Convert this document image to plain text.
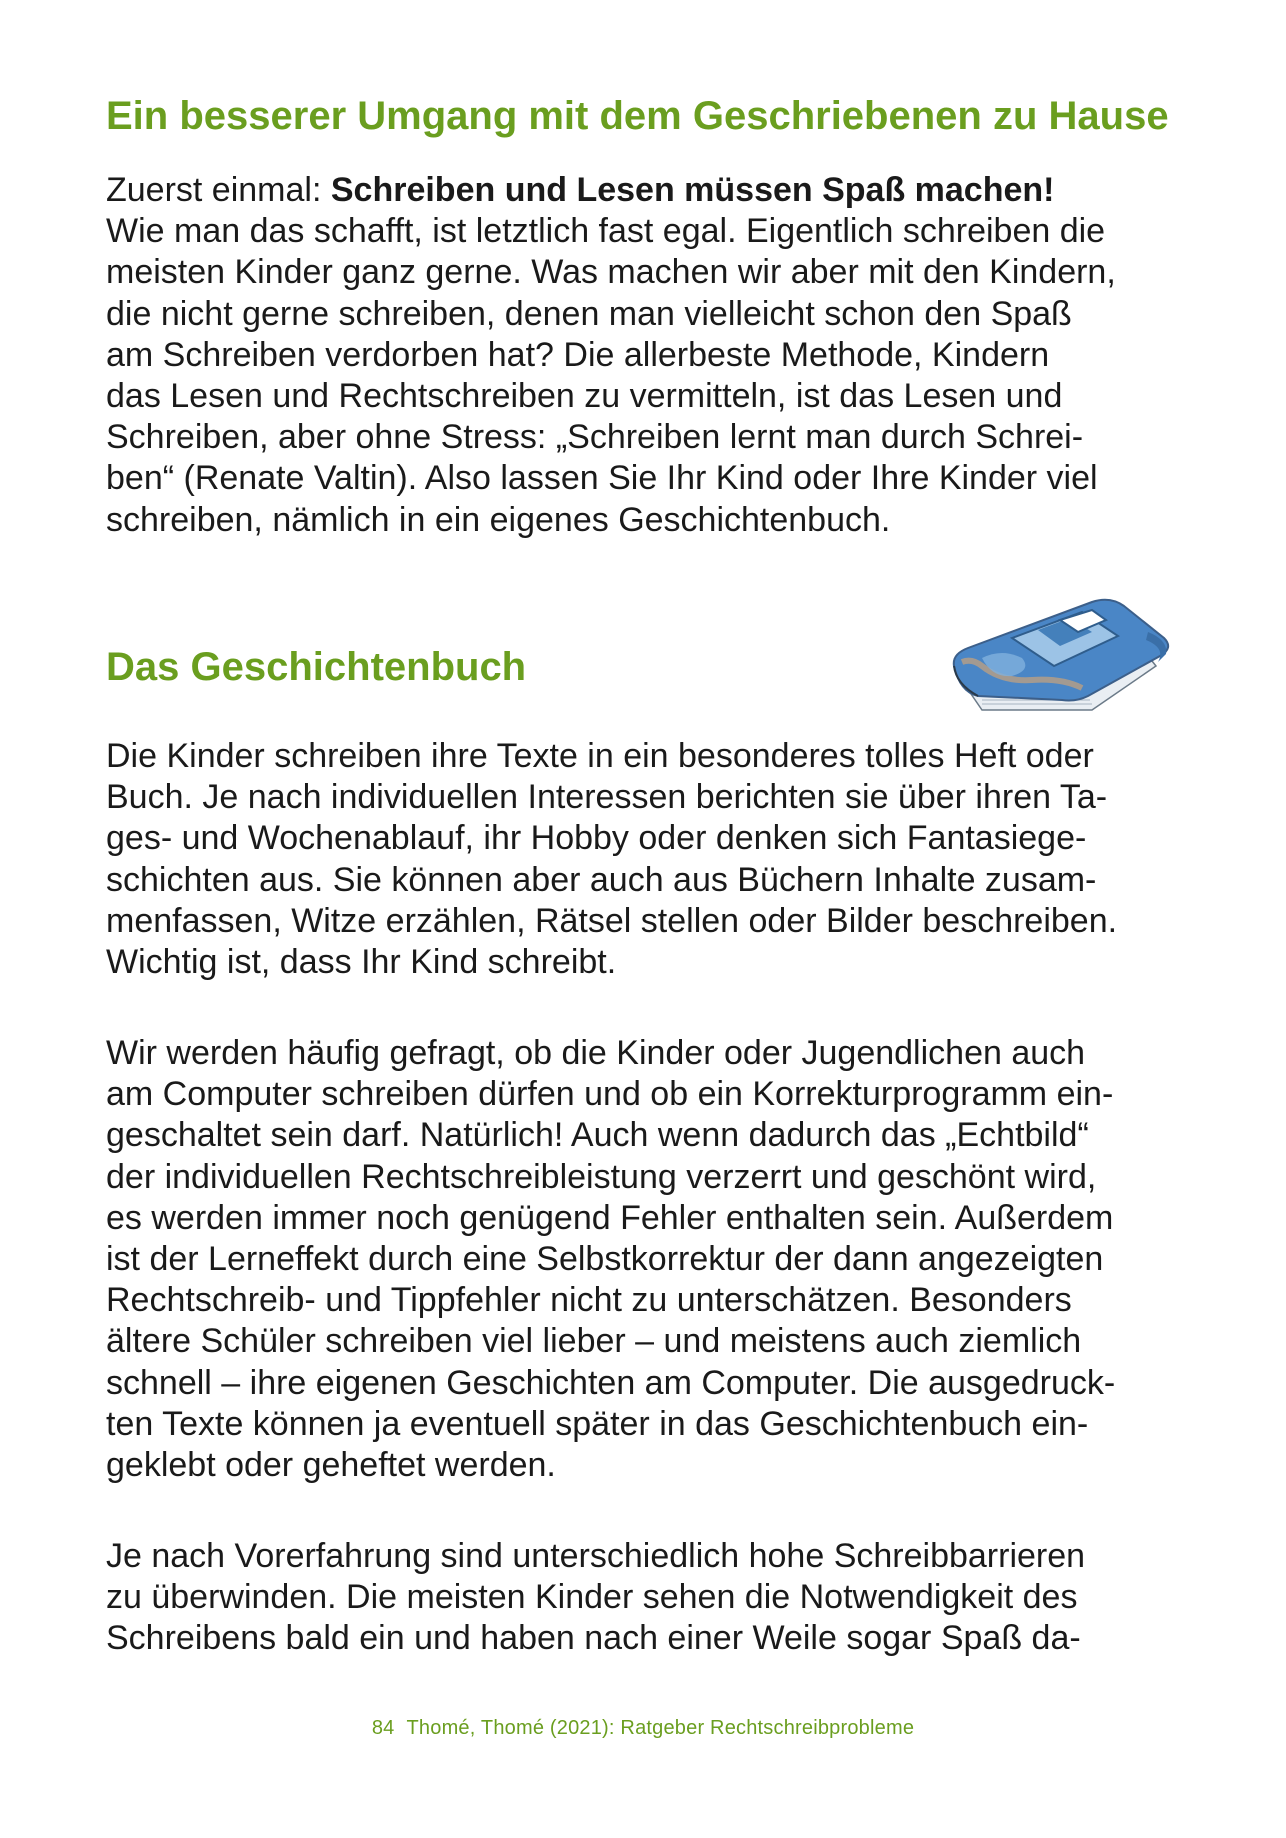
Ein besserer Umgang mit dem Geschriebenen zu Hause

Zuerst einmal: Schreiben und Lesen müssen Spaß machen!
Wie man das schafft, ist letztlich fast egal. Eigentlich schreiben die
meisten Kinder ganz gerne. Was machen wir aber mit den Kindern,
die nicht gerne schreiben, denen man vielleicht schon den Spaß
am Schreiben verdorben hat? Die allerbeste Methode, Kindern
das Lesen und Rechtschreiben zu vermitteln, ist das Lesen und
Schreiben, aber ohne Stress: „Schreiben lernt man durch Schrei-
ben“ (Renate Valtin). Also lassen Sie Ihr Kind oder Ihre Kinder viel
schreiben, nämlich in ein eigenes Geschichtenbuch.

Das Geschichtenbuch

Die Kinder schreiben ihre Texte in ein besonderes tolles Heft oder
Buch. Je nach individuellen Interessen berichten sie über ihren Ta-
ges- und Wochenablauf, ihr Hobby oder denken sich Fantasiege-
schichten aus. Sie können aber auch aus Büchern Inhalte zusam-
menfassen, Witze erzählen, Rätsel stellen oder Bilder beschreiben.
Wichtig ist, dass Ihr Kind schreibt.

Wir werden häufig gefragt, ob die Kinder oder Jugendlichen auch
am Computer schreiben dürfen und ob ein Korrekturprogramm ein-
geschaltet sein darf. Natürlich! Auch wenn dadurch das „Echtbild“
der individuellen Rechtschreibleistung verzerrt und geschönt wird,
es werden immer noch genügend Fehler enthalten sein. Außerdem
ist der Lerneffekt durch eine Selbstkorrektur der dann angezeigten
Rechtschreib- und Tippfehler nicht zu unterschätzen. Besonders
ältere Schüler schreiben viel lieber – und meistens auch ziemlich
schnell – ihre eigenen Geschichten am Computer. Die ausgedruck-
ten Texte können ja eventuell später in das Geschichtenbuch ein-
geklebt oder geheftet werden.

Je nach Vorerfahrung sind unterschiedlich hohe Schreibbarrieren
zu überwinden. Die meisten Kinder sehen die Notwendigkeit des
Schreibens bald ein und haben nach einer Weile sogar Spaß da-

84 Thomé, Thomé (2021): Ratgeber Rechtschreibprobleme
